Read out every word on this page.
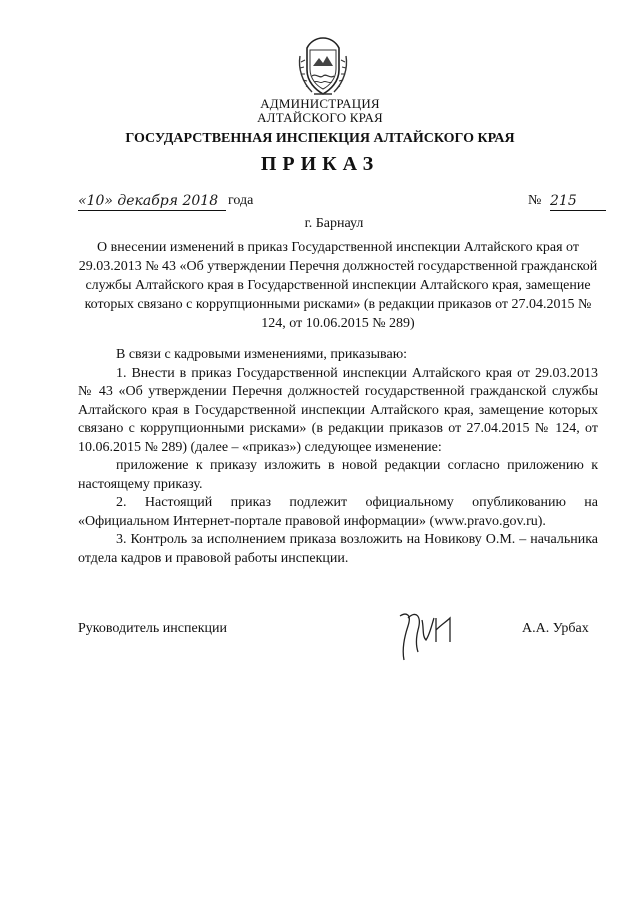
АДМИНИСТРАЦИЯ
АЛТАЙСКОГО КРАЯ
ГОСУДАРСТВЕННАЯ ИНСПЕКЦИЯ АЛТАЙСКОГО КРАЯ
ПРИКАЗ
«10» декабря 2018 года	№ 215
г. Барнаул
О внесении изменений в приказ Государственной инспекции Алтайского края от 29.03.2013 № 43 «Об утверждении Перечня должностей государственной гражданской службы Алтайского края в Государственной инспекции Алтайского края, замещение которых связано с коррупционными рисками» (в редакции приказов от 27.04.2015 № 124, от 10.06.2015 № 289)

В связи с кадровыми изменениями, приказываю:

1. Внести в приказ Государственной инспекции Алтайского края от 29.03.2013 № 43 «Об утверждении Перечня должностей государственной гражданской службы Алтайского края в Государственной инспекции Алтайского края, замещение которых связано с коррупционными рисками» (в редакции приказов от 27.04.2015 № 124, от 10.06.2015 № 289) (далее – «приказ») следующее изменение:

приложение к приказу изложить в новой редакции согласно приложению к настоящему приказу.

2. Настоящий приказ подлежит официальному опубликованию на «Официальном Интернет-портале правовой информации» (www.pravo.gov.ru).

3. Контроль за исполнением приказа возложить на Новикову О.М. – начальника отдела кадров и правовой работы инспекции.

Руководитель инспекции	А.А. Урбах
